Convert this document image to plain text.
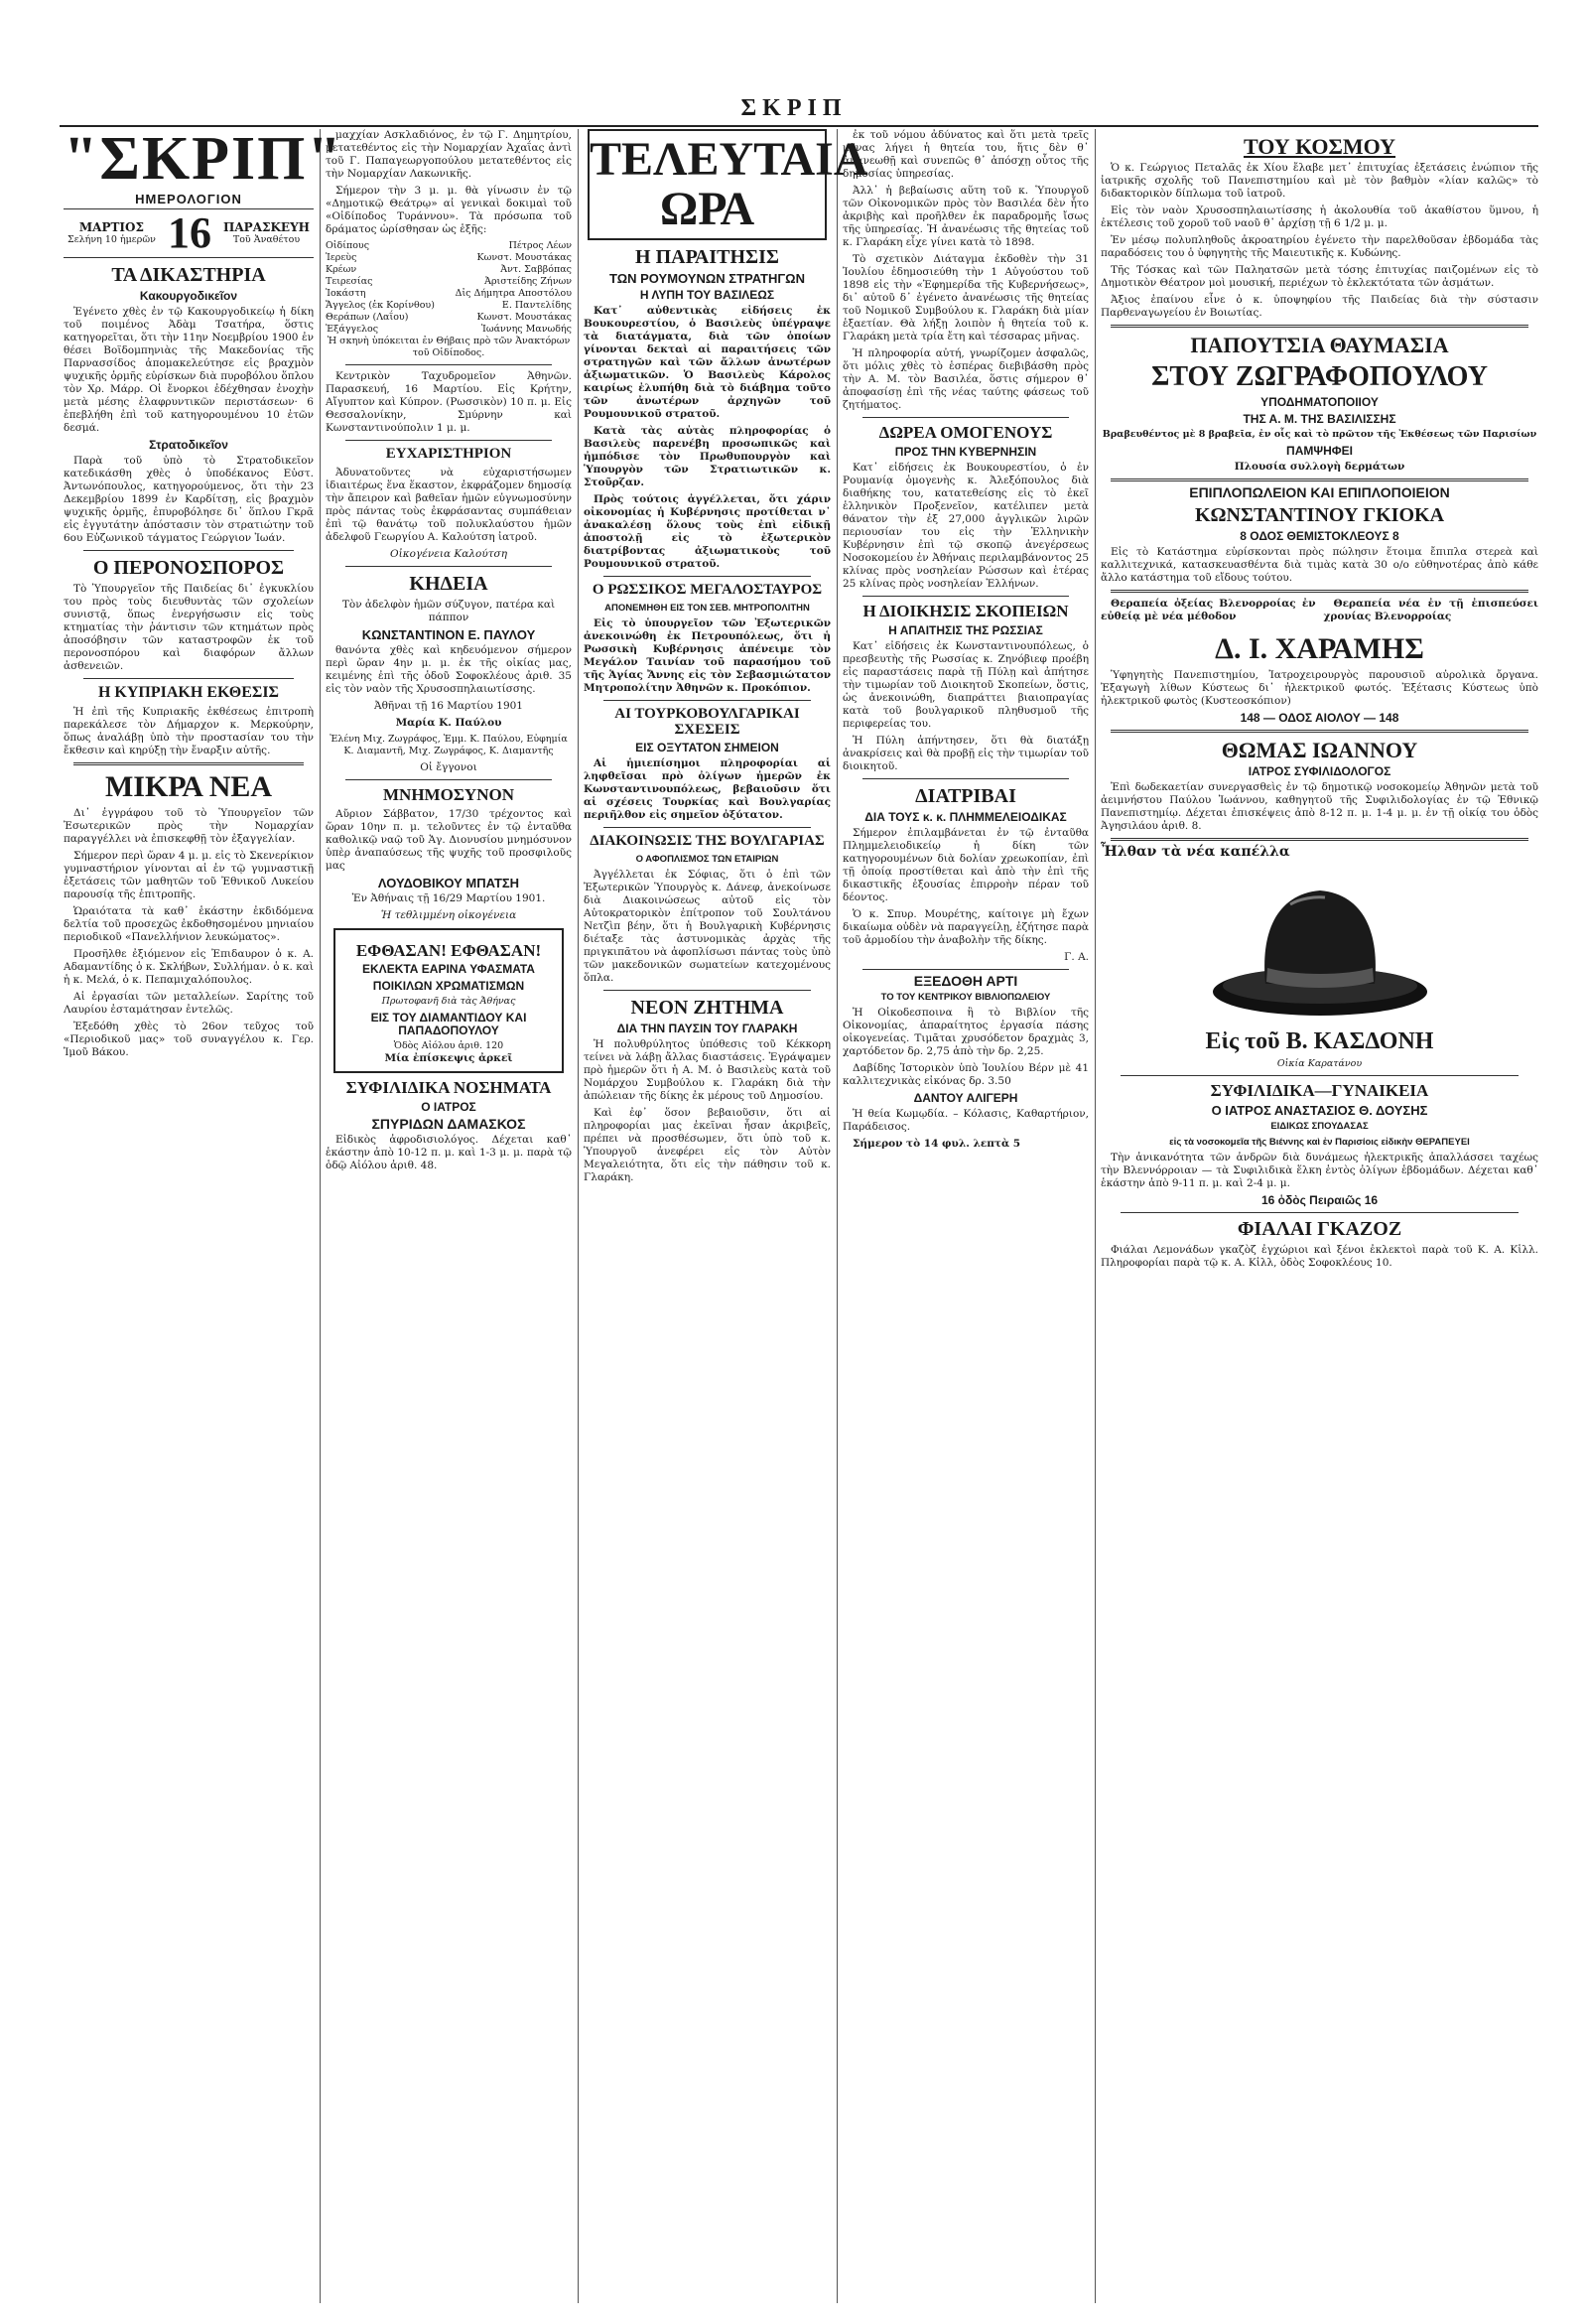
ΣΚΡΙΠ
"ΣΚΡΙΠ"
ΗΜΕΡΟΛΟΓΙΟΝ
ΜΑΡΤΙΟΣ
Σελήνη 10 ἡμερῶν 16 ΠΑΡΑΣΚΕΥΗ
Τοῦ Ἀναθέτου
ΤΑ ΔΙΚΑΣΤΗΡΙΑ
Κακουργοδικεῖον

Ἐγένετο χθὲς ἐν τῷ Κακουργοδικείῳ ἡ δίκη τοῦ ποιμένος Ἀδὰμ Τσατήρα, ὅστις κατηγορεῖται, ὅτι τὴν 11ην Νοεμβρίου 1900 ἐν θέσει Βοϊδομπηνιὰς τῆς Μακεδονίας τῆς Παρνασσίδος ἀπομακελεύτησε εἰς βραχμὸν ψυχικῆς ὁρμῆς εὑρίσκων διὰ πυροβόλου ὅπλου τὸν Χρ. Μάρρ. Οἱ ἔνορκοι ἐδέχθησαν ἐνοχὴν μετὰ μέσης ἐλαφρυντικῶν περιστάσεων· 6 ἐπεβλήθη ἐπὶ τοῦ κατηγορουμένου 10 ἐτῶν δεσμά.

Στρατοδικεῖον

Παρὰ τοῦ ὑπὸ τὸ Στρατοδικεῖον κατεδικάσθη χθὲς ὁ ὑποδέκανος Εὐστ. Ἀντωνόπουλος, κατηγορούμενος, ὅτι τὴν 23 Δεκεμβρίου 1899 ἐν Καρδίτσῃ, εἰς βραχμὸν ψυχικῆς ὁρμῆς, ἐπυροβόλησε δι᾽ ὅπλου Γκρᾶ εἰς ἐγγυτάτην ἀπόστασιν τὸν στρατιώτην τοῦ 6ου Εὐζωνικοῦ τάγματος Γεώργιον Ἰωάν.

Ο ΠΕΡΟΝΟΣΠΟΡΟΣ

Τὸ Ὑπουργεῖον τῆς Παιδείας δι᾽ ἐγκυκλίου του πρὸς τοὺς διευθυντὰς τῶν σχολείων συνιστᾷ, ὅπως ἐνεργήσωσιν εἰς τοὺς κτηματίας τὴν ῥάντισιν τῶν κτημάτων πρὸς ἀποσόβησιν τῶν καταστροφῶν ἐκ τοῦ περονοσπόρου καὶ διαφόρων ἄλλων ἀσθενειῶν.

Η ΚΥΠΡΙΑΚΗ ΕΚΘΕΣΙΣ

Ἡ ἐπὶ τῆς Κυπριακῆς ἐκθέσεως ἐπιτροπὴ παρεκάλεσε τὸν Δήμαρχον κ. Μερκούρην, ὅπως ἀναλάβῃ ὑπὸ τὴν προστασίαν του τὴν ἔκθεσιν καὶ κηρύξῃ τὴν ἔναρξιν αὐτῆς.

ΜΙΚΡΑ ΝΕΑ

Δι᾽ ἐγγράφου τοῦ τὸ Ὑπουργεῖον τῶν Ἐσωτερικῶν πρὸς τὴν Νομαρχίαν παραγγέλλει νὰ ἐπισκεφθῇ τὸν ἐξαγγελίαν.

Σήμερον περὶ ὥραν 4 μ. μ. εἰς τὸ Σκενερίκιον γυμναστήριον γίνονται αἱ ἐν τῷ γυμναστικῇ ἐξετάσεις τῶν μαθητῶν τοῦ Ἐθνικοῦ Λυκείου παρουσίᾳ τῆς ἐπιτροπῆς.

Ὡραιότατα τὰ καθ᾽ ἑκάστην ἐκδιδόμενα δελτία τοῦ προσεχῶς ἐκδοθησομένου μηνιαίου περιοδικοῦ «Πανελλήνιον λευκώματος».

Προσῆλθε ἐξιόμενον εἰς Ἐπιδαυρον ὁ κ. Α. Αδαμαντίδης ὁ κ. Σκλήβων, Συλλήμαν. ὁ κ. καὶ ἡ κ. Μελά, ὁ κ. Πεπαμιχαλόπουλος.

Αἱ ἐργασίαι τῶν μεταλλείων. Σαρίτης τοῦ Λαυρίου ἐσταμάτησαν ἐντελῶς.

Ἐξεδόθη χθὲς τὸ 26ον τεῦχος τοῦ «Περιοδικοῦ μας» τοῦ συναγγέλου κ. Γερ. Ἱμοῦ Βάκου.

μαχχίαν Ασκλαδιόνος, ἐν τῷ Γ. Δημητρίου, μετατεθέντος εἰς τὴν Νομαρχίαν Ἀχαΐας ἀντὶ τοῦ Γ. Παπαγεωργοπούλου μετατεθέντος εἰς τὴν Νομαρχίαν Λακωνικῆς.

Σήμερον τὴν 3 μ. μ. θὰ γίνωσιν ἐν τῷ «Δημοτικῷ Θεάτρῳ» αἱ γενικαὶ δοκιμαὶ τοῦ «Οἰδίποδος Τυράννου». Τὰ πρόσωπα τοῦ δράματος ὡρίσθησαν ὡς ἑξῆς:

Οἰδίπους	Πέτρος Λέων
Ἱερεὺς	Κωνστ. Μουστάκας
Κρέων	Ἀντ. Σαββόπας
Τειρεσίας	Ἀριστείδης Ζήνων
Ἰοκάστη	Δἰς Δήμητρα Αποστόλου
Ἄγγελος (ἐκ Κορίνθου)	Ε. Παντελίδης
Θεράπων (Λαΐου)	Κωνστ. Μουστάκας
Ἐξάγγελος	Ἰωάννης Μανωδής

Ἡ σκηνὴ ὑπόκειται ἐν Θήβαις πρὸ τῶν Ἀνακτόρων τοῦ Οἰδίποδος.

Κεντρικὸν Ταχυδρομεῖον Ἀθηνῶν. Παρασκευή, 16 Μαρτίου. Εἰς Κρήτην, Αἴγυπτον καὶ Κύπρον. (Ρωσσικὸν) 10 π. μ. Εἰς Θεσσαλονίκην, Σμύρνην καὶ Κωνσταντινούπολιν 1 μ. μ.

ΕΥΧΑΡΙΣΤΗΡΙΟΝ

Ἀδυνατοῦντες νὰ εὐχαριστήσωμεν ἰδιαιτέρως ἕνα ἕκαστον, ἐκφράζομεν δημοσίᾳ τὴν ἄπειρον καὶ βαθεῖαν ἡμῶν εὐγνωμοσύνην πρὸς πάντας τοὺς ἐκφράσαντας συμπάθειαν ἐπὶ τῷ θανάτῳ τοῦ πολυκλαύστου ἡμῶν ἀδελφοῦ Γεωργίου Α. Καλούτση ἰατροῦ.

Οἰκογένεια Καλούτση

ΚΗΔΕΙΑ

Τὸν ἀδελφὸν ἡμῶν σύζυγον, πατέρα καὶ πάππον

ΚΩΝΣΤΑΝΤΙΝΟΝ Ε. ΠΑΥΛΟΥ

θανόντα χθὲς καὶ κηδευόμενον σήμερον περὶ ὥραν 4ην μ. μ. ἐκ τῆς οἰκίας μας, κειμένης ἐπὶ τῆς ὁδοῦ Σοφοκλέους ἀριθ. 35 εἰς τὸν ναὸν τῆς Χρυσοσπηλαιωτίσσης.

Ἀθῆναι τῇ 16 Μαρτίου 1901

Μαρία Κ. Παύλου

Ἐλένη Μιχ. Ζωγράφος, Ἐμμ. Κ. Παύλου, Εὐφημία Κ. Διαμαντῆ, Μιχ. Ζωγράφος, Κ. Διαμαντῆς

Οἱ ἔγγονοι

ΜΝΗΜΟΣΥΝΟΝ

Αὔριον Σάββατον, 17/30 τρέχοντος καὶ ὥραν 10ην π. μ. τελοῦντες ἐν τῷ ἐνταῦθα καθολικῷ ναῷ τοῦ Ἁγ. Διονυσίου μνημόσυνον ὑπὲρ ἀναπαύσεως τῆς ψυχῆς τοῦ προσφιλοῦς μας

ΛΟΥΔΟΒΙΚΟΥ ΜΠΑΤΣΗ

Ἐν Ἀθήναις τῇ 16/29 Μαρτίου 1901.

Ἡ τεθλιμμένη οἰκογένεια

ΕΦΘΑΣΑΝ! ΕΦΘΑΣΑΝ!
ΕΚΛΕΚΤΑ ΕΑΡΙΝΑ ΥΦΑΣΜΑΤΑ
ΠΟΙΚΙΛΩΝ ΧΡΩΜΑΤΙΣΜΩΝ
Πρωτοφανῆ διὰ τὰς Ἀθήνας
ΕΙΣ ΤΟΥ ΔΙΑΜΑΝΤΙΔΟΥ ΚΑΙ ΠΑΠΑΔΟΠΟΥΛΟΥ
Ὁδὸς Αἰόλου ἀριθ. 120
Μία ἐπίσκεψις ἀρκεῖ
ΣΥΦΙΛΙΔΙΚΑ ΝΟΣΗΜΑΤΑ
Ο ΙΑΤΡΟΣ
ΣΠΥΡΙΔΩΝ ΔΑΜΑΣΚΟΣ

Εἰδικὸς ἀφροδισιολόγος. Δέχεται καθ᾽ ἑκάστην ἀπὸ 10-12 π. μ. καὶ 1-3 μ. μ. παρὰ τῷ ὁδῷ Αἰόλου ἀριθ. 48.

ΤΕΛΕΥΤΑΙΑ ΩΡΑ
Η ΠΑΡΑΙΤΗΣΙΣ
ΤΩΝ ΡΟΥΜΟΥΝΩΝ ΣΤΡΑΤΗΓΩΝ
Η ΛΥΠΗ ΤΟΥ ΒΑΣΙΛΕΩΣ

Κατ᾽ αὐθεντικὰς εἰδήσεις ἐκ Βουκουρεστίου, ὁ Βασιλεὺς ὑπέγραψε τὰ διατάγματα, διὰ τῶν ὁποίων γίνονται δεκταὶ αἱ παραιτήσεις τῶν στρατηγῶν καὶ τῶν ἄλλων ἀνωτέρων ἀξιωματικῶν. Ὁ Βασιλεὺς Κάρολος καιρίως ἐλυπήθη διὰ τὸ διάβημα τοῦτο τῶν ἀνωτέρων ἀρχηγῶν τοῦ Ρουμουνικοῦ στρατοῦ.

Κατὰ τὰς αὐτὰς πληροφορίας ὁ Βασιλεὺς παρενέβη προσωπικῶς καὶ ἠμπόδισε τὸν Πρωθυπουργὸν καὶ Ὑπουργὸν τῶν Στρατιωτικῶν κ. Στοῦρζαν.

Πρὸς τούτοις ἀγγέλλεται, ὅτι χάριν οἰκονομίας ἡ Κυβέρνησις προτίθεται ν᾽ ἀνακαλέσῃ ὅλους τοὺς ἐπὶ εἰδικῇ ἀποστολῇ εἰς τὸ ἐξωτερικὸν διατρίβοντας ἀξιωματικοὺς τοῦ Ρουμουνικοῦ στρατοῦ.

Ο ΡΩΣΣΙΚΟΣ ΜΕΓΑΛΟΣΤΑΥΡΟΣ
ΑΠΟΝΕΜΗΘΗ ΕΙΣ ΤΟΝ ΣΕΒ. ΜΗΤΡΟΠΟΛΙΤΗΝ

Εἰς τὸ ὑπουργεῖον τῶν Ἐξωτερικῶν ἀνεκοινώθη ἐκ Πετρουπόλεως, ὅτι ἡ Ρωσσικὴ Κυβέρνησις ἀπένειμε τὸν Μεγάλον Ταινίαν τοῦ παρασήμου τοῦ τῆς Ἁγίας Ἄννης εἰς τὸν Σεβασμιώτατον Μητροπολίτην Ἀθηνῶν κ. Προκόπιον.

ΑΙ ΤΟΥΡΚΟΒΟΥΛΓΑΡΙΚΑΙ ΣΧΕΣΕΙΣ
ΕΙΣ ΟΞΥΤΑΤΟΝ ΣΗΜΕΙΟΝ

Αἱ ἡμιεπίσημοι πληροφορίαι αἱ ληφθεῖσαι πρὸ ὀλίγων ἡμερῶν ἐκ Κωνσταντινουπόλεως, βεβαιοῦσιν ὅτι αἱ σχέσεις Τουρκίας καὶ Βουλγαρίας περιῆλθον εἰς σημεῖον ὀξύτατον.

ΔΙΑΚΟΙΝΩΣΙΣ ΤΗΣ ΒΟΥΛΓΑΡΙΑΣ
Ο ΑΦΟΠΛΙΣΜΟΣ ΤΩΝ ΕΤΑΙΡΙΩΝ

Ἀγγέλλεται ἐκ Σόφιας, ὅτι ὁ ἐπὶ τῶν Ἐξωτερικῶν Ὑπουργὸς κ. Δάνεφ, ἀνεκοίνωσε διὰ Διακοινώσεως αὐτοῦ εἰς τὸν Αὐτοκρατορικὸν ἐπίτροπον τοῦ Σουλτάνου Νετζὶπ βέην, ὅτι ἡ Βουλγαρικὴ Κυβέρνησις διέταξε τὰς ἀστυνομικὰς ἀρχὰς τῆς πριγκιπᾶτου νὰ ἀφοπλίσωσι πάντας τοὺς ὑπὸ τῶν μακεδονικῶν σωματείων κατεχομένους ὅπλα.

ΝΕΟΝ ΖΗΤΗΜΑ
ΔΙΑ ΤΗΝ ΠΑΥΣΙΝ ΤΟΥ ΓΛΑΡΑΚΗ

Ἡ πολυθρύλητος ὑπόθεσις τοῦ Κέκκορη τείνει νὰ λάβῃ ἄλλας διαστάσεις. Ἐγράψαμεν πρὸ ἡμερῶν ὅτι ἡ Α. Μ. ὁ Βασιλεὺς κατὰ τοῦ Νομάρχου Συμβούλου κ. Γλαράκη διὰ τὴν ἀπώλειαν τῆς δίκης ἐκ μέρους τοῦ Δημοσίου.

Καὶ ἐφ᾽ ὅσον βεβαιοῦσιν, ὅτι αἱ πληροφορίαι μας ἐκεῖναι ἦσαν ἀκριβεῖς, πρέπει νὰ προσθέσωμεν, ὅτι ὑπὸ τοῦ κ. Ὑπουργοῦ ἀνεφέρει εἰς τὸν Αὐτὸν Μεγαλειότητα, ὅτι εἰς τὴν πάθησιν τοῦ κ. Γλαράκη.

ἐκ τοῦ νόμου ἀδύνατος καὶ ὅτι μετὰ τρεῖς μῆνας λήγει ἡ θητεία του, ἥτις δὲν θ᾽ ἀνανεωθῇ καὶ συνεπῶς θ᾽ ἀπόσχῃ οὗτος τῆς δημοσίας ὑπηρεσίας.

Ἀλλ᾽ ἡ βεβαίωσις αὕτη τοῦ κ. Ὑπουργοῦ τῶν Οἰκονομικῶν πρὸς τὸν Βασιλέα δὲν ἦτο ἀκριβὴς καὶ προῆλθεν ἐκ παραδρομῆς ἴσως τῆς ὑπηρεσίας. Ἡ ἀνανέωσις τῆς θητείας τοῦ κ. Γλαράκη εἶχε γίνει κατὰ τὸ 1898.

Τὸ σχετικὸν Διάταγμα ἐκδοθὲν τὴν 31 Ἰουλίου ἐδημοσιεύθη τὴν 1 Αὐγούστου τοῦ 1898 εἰς τὴν «Ἐφημερίδα τῆς Κυβερνήσεως», δι᾽ αὐτοῦ δ᾽ ἐγένετο ἀνανέωσις τῆς θητείας τοῦ Νομικοῦ Συμβούλου κ. Γλαράκη διὰ μίαν ἑξαετίαν. Θὰ λήξῃ λοιπὸν ἡ θητεία τοῦ κ. Γλαράκη μετὰ τρία ἔτη καὶ τέσσαρας μῆνας.

Ἡ πληροφορία αὐτή, γνωρίζομεν ἀσφαλῶς, ὅτι μόλις χθὲς τὸ ἑσπέρας διεβιβάσθη πρὸς τὴν Α. Μ. τὸν Βασιλέα, ὅστις σήμερον θ᾽ ἀποφασίσῃ ἐπὶ τῆς νέας ταύτης φάσεως τοῦ ζητήματος.

ΔΩΡΕΑ ΟΜΟΓΕΝΟΥΣ
ΠΡΟΣ ΤΗΝ ΚΥΒΕΡΝΗΣΙΝ

Κατ᾽ εἰδήσεις ἐκ Βουκουρεστίου, ὁ ἐν Ρουμανίᾳ ὁμογενὴς κ. Ἀλεξόπουλος διὰ διαθήκης του, κατατεθείσης εἰς τὸ ἐκεῖ ἑλληνικὸν Προξενεῖον, κατέλιπεν μετὰ θάνατον τὴν ἐξ 27,000 ἀγγλικῶν λιρῶν περιουσίαν του εἰς τὴν Ἑλληνικὴν Κυβέρνησιν ἐπὶ τῷ σκοπῷ ἀνεγέρσεως Νοσοκομείου ἐν Ἀθήναις περιλαμβάνοντος 25 κλίνας πρὸς νοσηλείαν Ρώσσων καὶ ἑτέρας 25 κλίνας πρὸς νοσηλείαν Ἑλλήνων.

Η ΔΙΟΙΚΗΣΙΣ ΣΚΟΠΕΙΩΝ
Η ΑΠΑΙΤΗΣΙΣ ΤΗΣ ΡΩΣΣΙΑΣ

Κατ᾽ εἰδήσεις ἐκ Κωνσταντινουπόλεως, ὁ πρεσβευτὴς τῆς Ρωσσίας κ. Ζηνόβιεφ προέβη εἰς παραστάσεις παρὰ τῇ Πύλῃ καὶ ἀπήτησε τὴν τιμωρίαν τοῦ Διοικητοῦ Σκοπείων, ὅστις, ὡς ἀνεκοινώθη, διαπράττει βιαιοπραγίας κατὰ τοῦ βουλγαρικοῦ πληθυσμοῦ τῆς περιφερείας του.

Ἡ Πύλη ἀπήντησεν, ὅτι θὰ διατάξῃ ἀνακρίσεις καὶ θὰ προβῇ εἰς τὴν τιμωρίαν τοῦ διοικητοῦ.

ΔΙΑΤΡΙΒΑΙ
ΔΙΑ ΤΟΥΣ κ. κ. ΠΛΗΜΜΕΛΕΙΟΔΙΚΑΣ

Σήμερον ἐπιλαμβάνεται ἐν τῷ ἐνταῦθα Πλημμελειοδικείῳ ἡ δίκη τῶν κατηγορουμένων διὰ δολίαν χρεωκοπίαν, ἐπὶ τῇ ὁποίᾳ προστίθεται καὶ ἀπὸ τὴν ἐπὶ τῆς δικαστικῆς ἐξουσίας ἐπιρροὴν πέραν τοῦ δέοντος.

Ὁ κ. Σπυρ. Μουρέτης, καίτοιγε μὴ ἔχων δικαίωμα οὐδὲν νὰ παραγγείλῃ, ἐζήτησε παρὰ τοῦ ἁρμοδίου τὴν ἀναβολὴν τῆς δίκης.

Γ. Α.

ΕΞΕΔΟΘΗ ΑΡΤΙ
ΤΟ ΤΟΥ ΚΕΝΤΡΙΚΟΥ ΒΙΒΛΙΟΠΩΛΕΙΟΥ

Ἡ Οἰκοδεσποινα ἢ τὸ Βιβλίον τῆς Οἰκονομίας, ἀπαραίτητος ἐργασία πάσης οἰκογενείας. Τιμᾶται χρυσόδετον δραχμὰς 3, χαρτόδετον δρ. 2,75 ἀπὸ τὴν δρ. 2,25.

Δαβίδης Ἱστορικὸν ὑπὸ Ἰουλίου Βέρν μὲ 41 καλλιτεχνικὰς εἰκόνας δρ. 3.50

ΔΑΝΤΟΥ ΑΛΙΓΕΡΗ

Ἡ θεία Κωμῳδία. – Κόλασις, Καθαρτήριον, Παράδεισος.

Σήμερον τὸ 14 φυλ. λεπτὰ 5

ΤΟΥ ΚΟΣΜΟΥ

Ὁ κ. Γεώργιος Πεταλᾶς ἐκ Χίου ἔλαβε μετ᾽ ἐπιτυχίας ἐξετάσεις ἐνώπιον τῆς ἰατρικῆς σχολῆς τοῦ Πανεπιστημίου καὶ μὲ τὸν βαθμὸν «λίαν καλῶς» τὸ διδακτορικὸν δίπλωμα τοῦ ἰατροῦ.

Εἰς τὸν ναὸν Χρυσοσπηλαιωτίσσης ἡ ἀκολουθία τοῦ ἀκαθίστου ὕμνου, ἡ ἐκτέλεσις τοῦ χοροῦ τοῦ ναοῦ θ᾽ ἀρχίσῃ τῇ 6 1/2 μ. μ.

Ἐν μέσῳ πολυπληθοῦς ἀκροατηρίου ἐγένετο τὴν παρελθοῦσαν ἑβδομάδα τὰς παραδόσεις του ὁ ὑφηγητὴς τῆς Μαιευτικῆς κ. Κυδώνης.

Τῆς Τόσκας καὶ τῶν Παληατσῶν μετὰ τόσης ἐπιτυχίας παιζομένων εἰς τὸ Δημοτικὸν Θέατρον μοὶ μουσική, περιέχων τὸ ἐκλεκτότατα τῶν ἀσμάτων.

Ἀξιος ἐπαίνου εἶνε ὁ κ. ὑποψηφίου τῆς Παιδείας διὰ τὴν σύστασιν Παρθεναγωγείου ἐν Βοιωτίας.

ΠΑΠΟΥΤΣΙΑ ΘΑΥΜΑΣΙΑ
ΣΤΟΥ ΖΩΓΡΑΦΟΠΟΥΛΟΥ
ΥΠΟΔΗΜΑΤΟΠΟΙΙΟΥ
ΤΗΣ Α. Μ. ΤΗΣ ΒΑΣΙΛΙΣΣΗΣ
Βραβευθέντος μὲ 8 βραβεῖα, ἐν οἷς καὶ τὸ πρῶτον τῆς Ἐκθέσεως τῶν Παρισίων
ΠΑΜΨΗΦΕΙ
Πλουσία συλλογὴ δερμάτων
ΕΠΙΠΛΟΠΩΛΕΙΟΝ ΚΑΙ ΕΠΙΠΛΟΠΟΙΕΙΟΝ
ΚΩΝΣΤΑΝΤΙΝΟΥ ΓΚΙΟΚΑ
8 ΟΔΟΣ ΘΕΜΙΣΤΟΚΛΕΟΥΣ 8

Εἰς τὸ Κατάστημα εὑρίσκονται πρὸς πώλησιν ἕτοιμα ἔπιπλα στερεὰ καὶ καλλιτεχνικά, κατασκευασθέντα διὰ τιμὰς κατὰ 30 ο/ο εὐθηνοτέρας ἀπὸ κάθε ἄλλο κατάστημα τοῦ εἴδους τούτου.

Θεραπεία ὀξείας Βλενορροίας ἐν εὐθείᾳ μὲ νέα μέθοδον

Θεραπεία νέα ἐν τῇ ἐπισπεύσει χρονίας Βλενορροίας

Δ. Ι. ΧΑΡΑΜΗΣ

Ὑφηγητὴς Πανεπιστημίου, Ἰατροχειρουργὸς παρουσιοῦ αὐρολικὰ ὄργανα. Ἐξαγωγὴ λίθων Κύστεως δι᾽ ἠλεκτρικοῦ φωτός. Ἐξέτασις Κύστεως ὑπὸ ἠλεκτρικοῦ φωτὸς (Κυστεοσκόπιον)

148 — ΟΔΟΣ ΑΙΟΛΟΥ — 148
ΘΩΜΑΣ ΙΩΑΝΝΟΥ
ΙΑΤΡΟΣ ΣΥΦΙΛΙΔΟΛΟΓΟΣ

Ἐπὶ δωδεκαετίαν συνεργασθεὶς ἐν τῷ δημοτικῷ νοσοκομείῳ Ἀθηνῶν μετὰ τοῦ ἀειμνήστου Παύλου Ἰωάννου, καθηγητοῦ τῆς Συφιλιδολογίας ἐν τῷ Ἐθνικῷ Πανεπιστημίῳ. Δέχεται ἐπισκέψεις ἀπὸ 8-12 π. μ. 1-4 μ. μ. ἐν τῇ οἰκίᾳ του ὁδὸς Ἀγησιλάου ἀριθ. 8.

Ἦλθαν τὰ νέα καπέλλα
Εἰς τοῦ Β. ΚΑΣΔΟΝΗ
Οἰκία Καρατάνου
ΣΥΦΙΛΙΔΙΚΑ—ΓΥΝΑΙΚΕΙΑ
Ο ΙΑΤΡΟΣ ΑΝΑΣΤΑΣΙΟΣ Θ. ΔΟΥΣΗΣ
ΕΙΔΙΚΩΣ ΣΠΟΥΔΑΣΑΣ
εἰς τὰ νοσοκομεῖα τῆς Βιέννης καὶ ἐν Παρισίοις εἰδικὴν ΘΕΡΑΠΕΥΕΙ

Τὴν ἀνικανότητα τῶν ἀνδρῶν διὰ δυνάμεως ἠλεκτρικῆς ἀπαλλάσσει ταχέως τὴν Βλεννόρροιαν — τὰ Συφιλιδικὰ ἕλκη ἐντὸς ὀλίγων ἑβδομάδων. Δέχεται καθ᾽ ἑκάστην ἀπὸ 9-11 π. μ. καὶ 2-4 μ. μ.

16 ὁδὸς Πειραιῶς 16
ΦΙΑΛΑΙ ΓΚΑΖΟΖ

Φιάλαι Λεμονάδων γκαζὸζ ἐγχώριοι καὶ ξένοι ἐκλεκτοὶ παρὰ τοῦ Κ. Α. Κἱλλ. Πληροφορίαι παρὰ τῷ κ. Α. Κἱλλ, ὁδὸς Σοφοκλέους 10.
